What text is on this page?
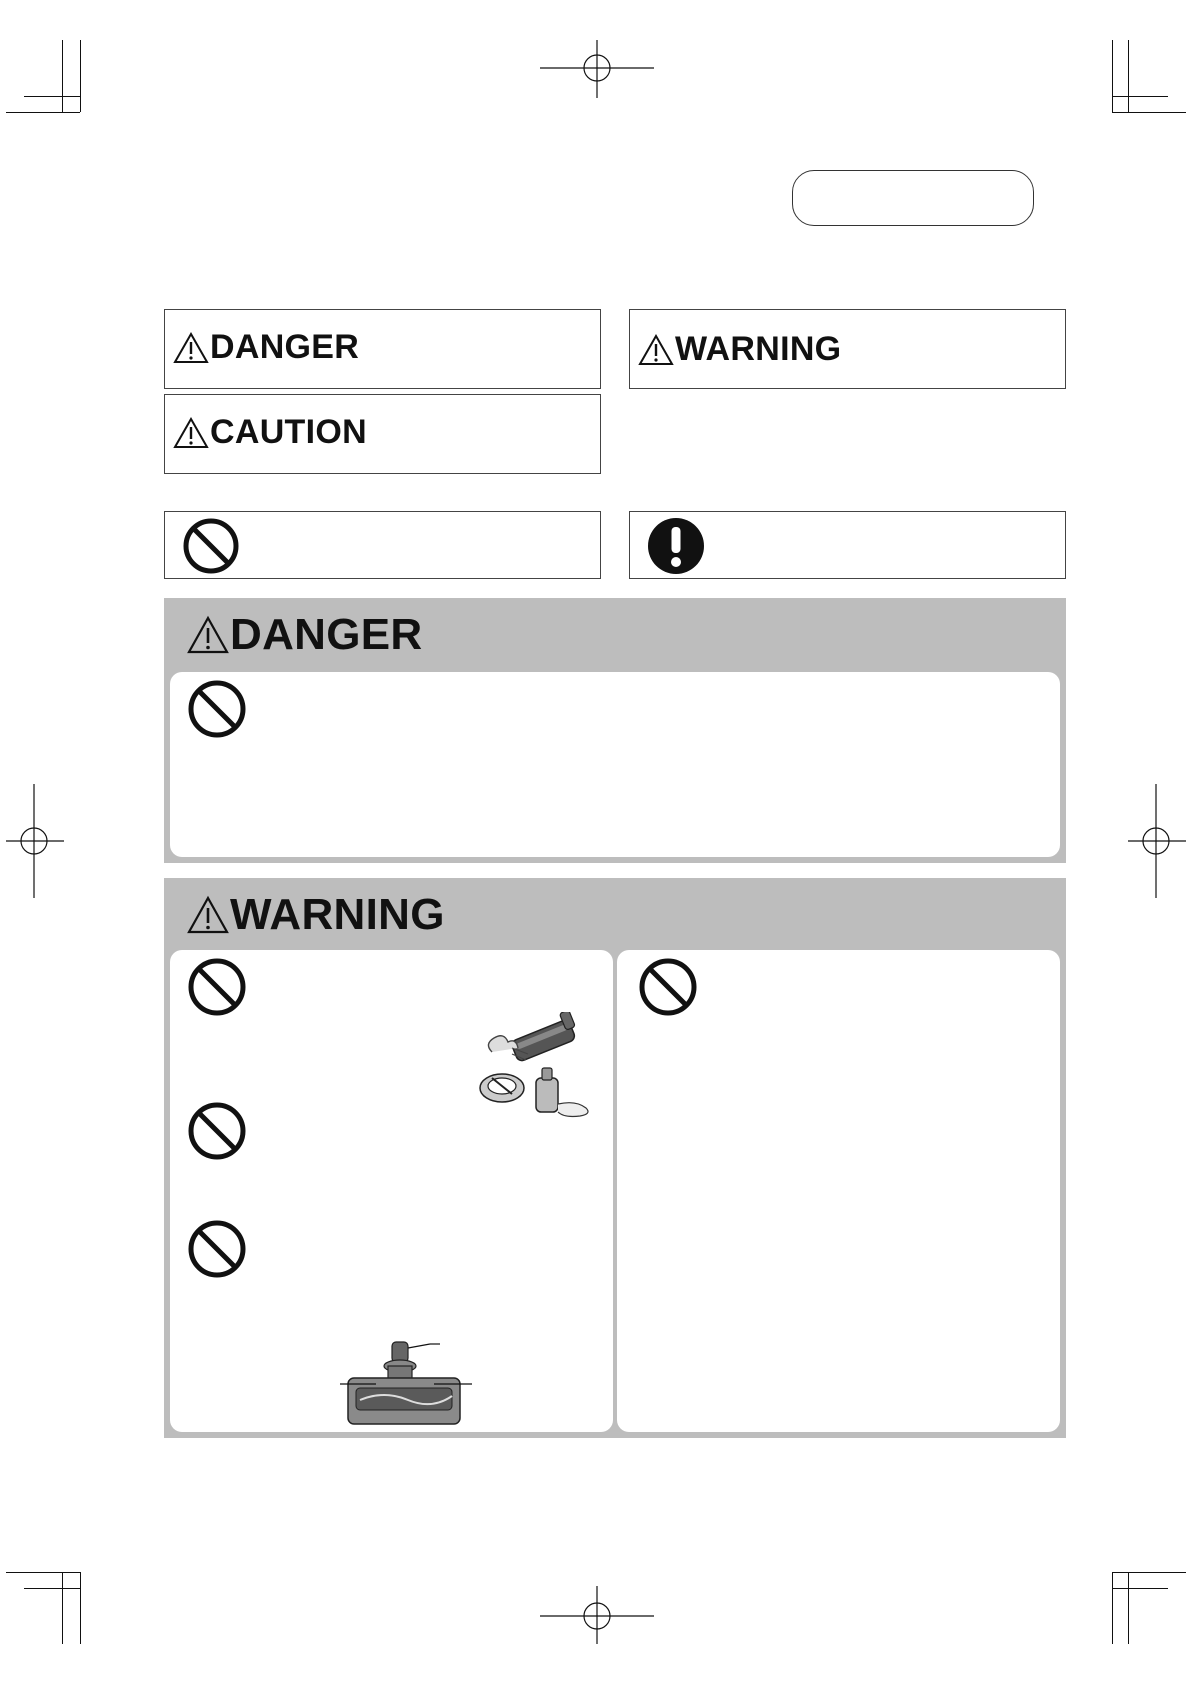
DANGER	WARNING
CAUTION
DANGER
WARNING
